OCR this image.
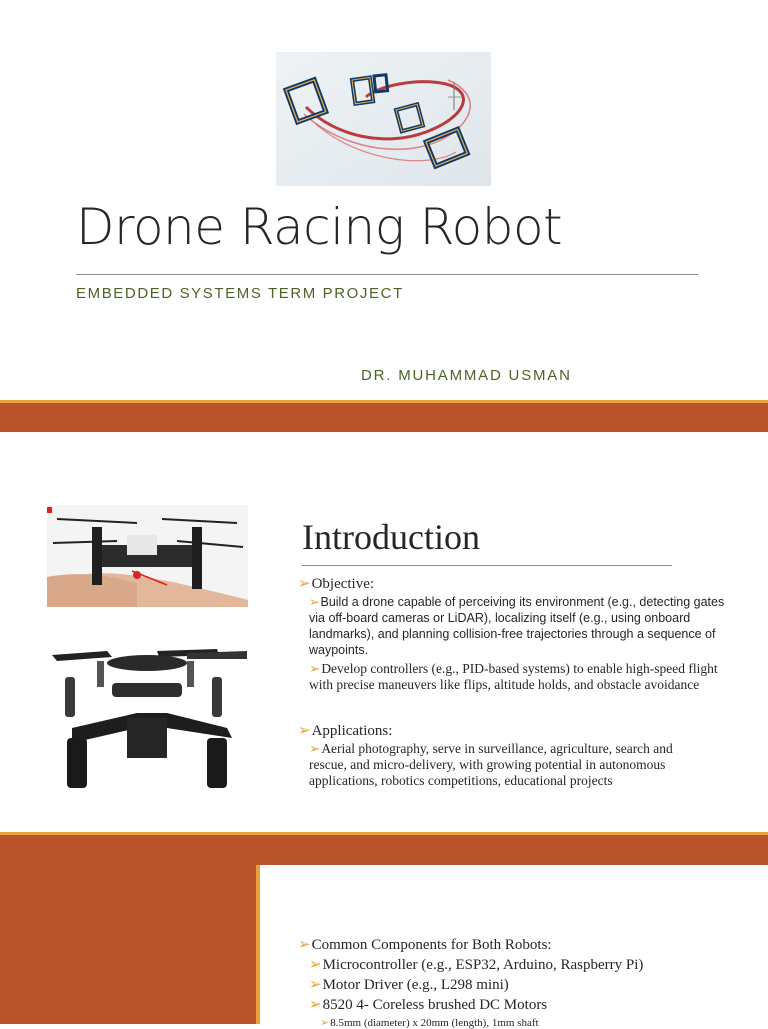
Drone Racing Robot
EMBEDDED SYSTEMS TERM PROJECT
DR. MUHAMMAD USMAN
Introduction
➢Objective:
➢Build a drone capable of perceiving its environment (e.g., detecting gates via off-board cameras or LiDAR), localizing itself (e.g., using onboard landmarks), and planning collision-free trajectories through a sequence of waypoints.
➢Develop controllers (e.g., PID-based systems) to enable high-speed flight with precise maneuvers like flips, altitude holds, and obstacle avoidance
➢Applications:
➢Aerial photography, serve in surveillance, agriculture, search and rescue, and micro-delivery, with growing potential in autonomous applications, robotics competitions, educational projects
➢Common Components for Both Robots:
➢Microcontroller (e.g., ESP32, Arduino, Raspberry Pi)
➢Motor Driver (e.g., L298 mini)
➢8520 4- Coreless brushed DC Motors
➢8.5mm (diameter) x 20mm (length), 1mm shaft
